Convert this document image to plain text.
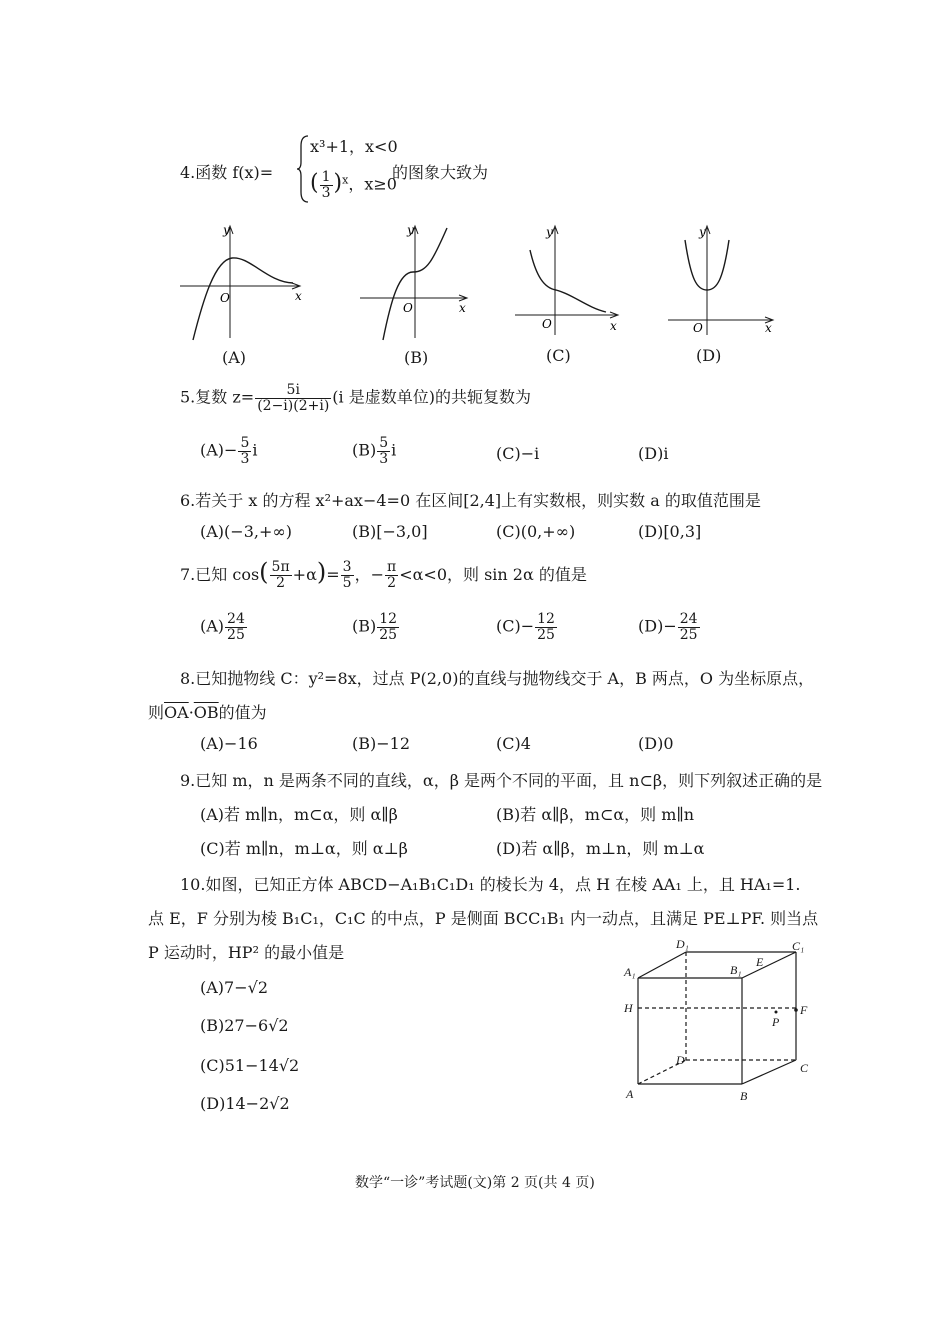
4.函数 f(x)=
x³+1，x<0
( $\frac{1}{3} )^x$，x≥0
的图象大致为
y
x
O
(A)
y
x
O
(B)
y
x
O
(C)
y
x
O
(D)
5.复数 $z= \frac{5i}{(2-i)(2+i)} (i$ 是虚数单位)的共轭复数为
$(A)- \frac{5}{3}$ i	$(B) \frac{5}{3}$ i	(C)−i	(D)i
6.若关于 x 的方程 x²+ax−4=0 在区间[2,4]上有实数根，则实数 a 的取值范围是
(A)(−3,+∞)	(B)[−3,0]	(C)(0,+∞)	(D)[0,3]
7.已知 $\cos( \frac{5\pi}{2} +\alpha)= \frac{3}{5}$ ，− $\frac{\pi}{2} <\alpha<0$，则 sin 2α 的值是
$(A) \frac{24}{25}$	$(B) \frac{12}{25}$	$(C)- \frac{12}{25}$	$(D)- \frac{24}{25}$
8.已知抛物线 C：y²=8x，过点 P(2,0)的直线与抛物线交于 A，B 两点，O 为坐标原点，
则$\overline{OA}\cdot\overline{OB}$的值为
(A)−16	(B)−12	(C)4	(D)0
9.已知 m，n 是两条不同的直线，α，β 是两个不同的平面，且 n⊂β，则下列叙述正确的是
(A)若 m∥n，m⊂α，则 α∥β	(B)若 α∥β，m⊂α，则 m∥n
(C)若 m∥n，m⊥α，则 α⊥β	(D)若 α∥β，m⊥n，则 m⊥α
10.如图，已知正方体 ABCD−A₁B₁C₁D₁ 的棱长为 4，点 H 在棱 AA₁ 上，且 HA₁=1.
点 E，F 分别为棱 B₁C₁，C₁C 的中点，P 是侧面 BCC₁B₁ 内一动点，且满足 PE⊥PF. 则当点
P 运动时，HP² 的最小值是
(A)7−√2
(B)27−6√2
(C)51−14√2
(D)14−2√2
D₁	C₁
A₁	B₁
E
H	F
P
D
C
A	B
数学“一诊”考试题(文)第 2 页(共 4 页)
